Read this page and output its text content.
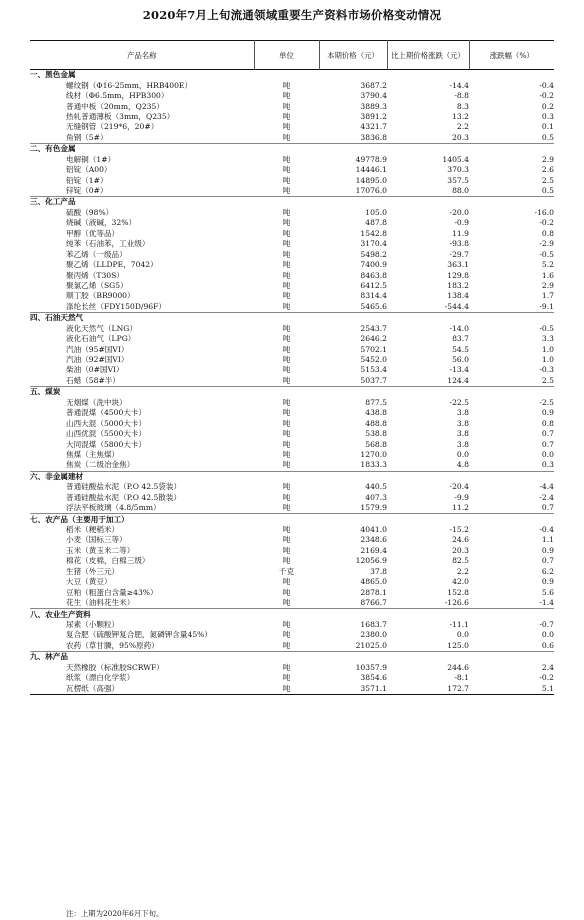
2020年7月上旬流通领域重要生产资料市场价格变动情况
产品名称	单位	本期价格（元）	比上期价格涨跌（元）	涨跌幅（%）
一、黑色金属				
螺纹钢（Φ16-25mm，HRB400E）	吨	3687.2	-14.4	-0.4
线材（Φ6.5mm，HPB300）	吨	3790.4	-8.8	-0.2
普通中板（20mm，Q235）	吨	3889.3	8.3	0.2
热轧普通薄板（3mm，Q235）	吨	3891.2	13.2	0.3
无缝钢管（219*6，20#）	吨	4321.7	2.2	0.1
角钢（5#）	吨	3836.8	20.3	0.5
二、有色金属				
电解铜（1#）	吨	49778.9	1405.4	2.9
铝锭（A00）	吨	14446.1	370.3	2.6
铅锭（1#）	吨	14895.0	357.5	2.5
锌锭（0#）	吨	17076.0	88.0	0.5
三、化工产品				
硫酸（98%）	吨	105.0	-20.0	-16.0
烧碱（液碱，32%）	吨	487.8	-0.9	-0.2
甲醇（优等品）	吨	1542.8	11.9	0.8
纯苯（石油苯，工业级）	吨	3170.4	-93.8	-2.9
苯乙烯（一级品）	吨	5498.2	-29.7	-0.5
聚乙烯（LLDPE，7042）	吨	7400.9	363.1	5.2
聚丙烯（T30S）	吨	8463.8	129.8	1.6
聚氯乙烯（SG5）	吨	6412.5	183.2	2.9
顺丁胶（BR9000）	吨	8314.4	138.4	1.7
涤纶长丝（FDY150D/96F）	吨	5465.6	-544.4	-9.1
四、石油天然气				
液化天然气（LNG）	吨	2543.7	-14.0	-0.5
液化石油气（LPG）	吨	2646.2	83.7	3.3
汽油（95#国VI）	吨	5702.1	54.5	1.0
汽油（92#国VI）	吨	5452.0	56.0	1.0
柴油（0#国VI）	吨	5153.4	-13.4	-0.3
石蜡（58#半）	吨	5037.7	124.4	2.5
五、煤炭				
无烟煤（洗中块）	吨	877.5	-22.5	-2.5
普通混煤（4500大卡）	吨	438.8	3.8	0.9
山西大混（5000大卡）	吨	488.8	3.8	0.8
山西优混（5500大卡）	吨	538.8	3.8	0.7
大同混煤（5800大卡）	吨	568.8	3.8	0.7
焦煤（主焦煤）	吨	1270.0	0.0	0.0
焦炭（二级冶金焦）	吨	1833.3	4.8	0.3
六、非金属建材				
普通硅酸盐水泥（P.O 42.5袋装）	吨	440.5	-20.4	-4.4
普通硅酸盐水泥（P.O 42.5散装）	吨	407.3	-9.9	-2.4
浮法平板玻璃（4.8/5mm）	吨	1579.9	11.2	0.7
七、农产品（主要用于加工）				
稻米（粳稻米）	吨	4041.0	-15.2	-0.4
小麦（国标三等）	吨	2348.6	24.6	1.1
玉米（黄玉米二等）	吨	2169.4	20.3	0.9
棉花（皮棉，白棉三级）	吨	12056.9	82.5	0.7
生猪（外三元）	千克	37.8	2.2	6.2
大豆（黄豆）	吨	4865.0	42.0	0.9
豆粕（粗蛋白含量≥43%）	吨	2878.1	152.8	5.6
花生（油料花生米）	吨	8766.7	-126.6	-1.4
八、农业生产资料				
尿素（小颗粒）	吨	1683.7	-11.1	-0.7
复合肥（硫酸钾复合肥，氮磷钾含量45%）	吨	2380.0	0.0	0.0
农药（草甘膦，95%原药）	吨	21025.0	125.0	0.6
九、林产品				
天然橡胶（标准胶SCRWF）	吨	10357.9	244.6	2.4
纸浆（漂白化学浆）	吨	3854.6	-8.1	-0.2
瓦楞纸（高强）	吨	3571.1	172.7	5.1
注：上期为2020年6月下旬。
